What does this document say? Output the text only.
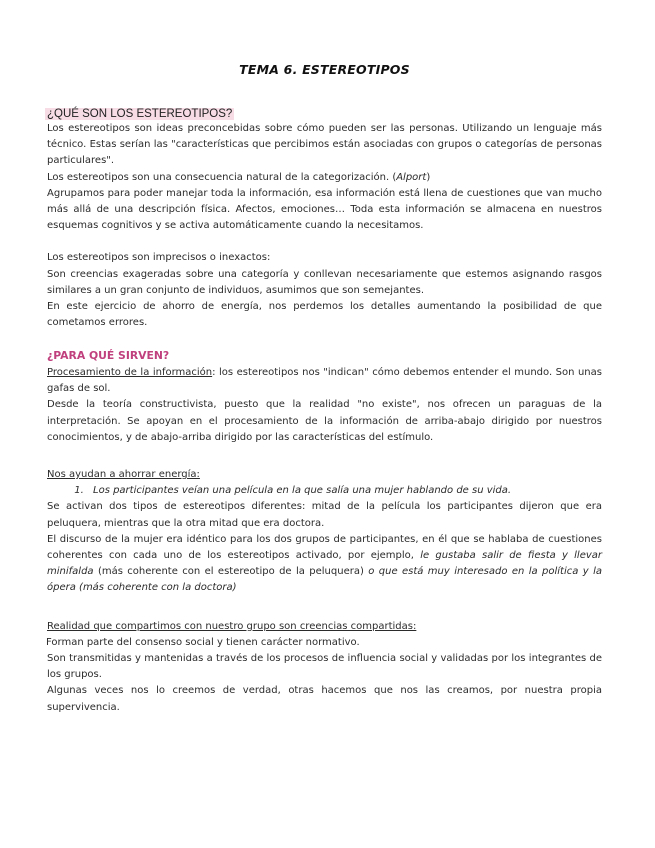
TEMA 6. ESTEREOTIPOS
¿QUÉ SON LOS ESTEREOTIPOS?

Los estereotipos son ideas preconcebidas sobre cómo pueden ser las personas. Utilizando un lenguaje más técnico. Estas serían las "características que percibimos están asociadas con grupos o categorías de personas particulares".

Los estereotipos son una consecuencia natural de la categorización. (Alport)

Agrupamos para poder manejar toda la información, esa información está llena de cuestiones que van mucho más allá de una descripción física. Afectos, emociones… Toda esta información se almacena en nuestros esquemas cognitivos y se activa automáticamente cuando la necesitamos.

Los estereotipos son imprecisos o inexactos:

Son creencias exageradas sobre una categoría y conllevan necesariamente que estemos asignando rasgos similares a un gran conjunto de individuos, asumimos que son semejantes.

En este ejercicio de ahorro de energía, nos perdemos los detalles aumentando la posibilidad de que cometamos errores.

¿PARA QUÉ SIRVEN?

Procesamiento de la información: los estereotipos nos "indican" cómo debemos entender el mundo. Son unas gafas de sol.

Desde la teoría constructivista, puesto que la realidad "no existe", nos ofrecen un paraguas de la interpretación. Se apoyan en el procesamiento de la información de arriba-abajo dirigido por nuestros conocimientos, y de abajo-arriba dirigido por las características del estímulo.

Nos ayudan a ahorrar energía:

1. Los participantes veían una película en la que salía una mujer hablando de su vida.

Se activan dos tipos de estereotipos diferentes: mitad de la película los participantes dijeron que era peluquera, mientras que la otra mitad que era doctora.

El discurso de la mujer era idéntico para los dos grupos de participantes, en él que se hablaba de cuestiones coherentes con cada uno de los estereotipos activado, por ejemplo, le gustaba salir de fiesta y llevar minifalda (más coherente con el estereotipo de la peluquera) o que está muy interesado en la política y la ópera (más coherente con la doctora)

Realidad que compartimos con nuestro grupo son creencias compartidas:

Forman parte del consenso social y tienen carácter normativo.

Son transmitidas y mantenidas a través de los procesos de influencia social y validadas por los integrantes de los grupos.

Algunas veces nos lo creemos de verdad, otras hacemos que nos las creamos, por nuestra propia supervivencia.
